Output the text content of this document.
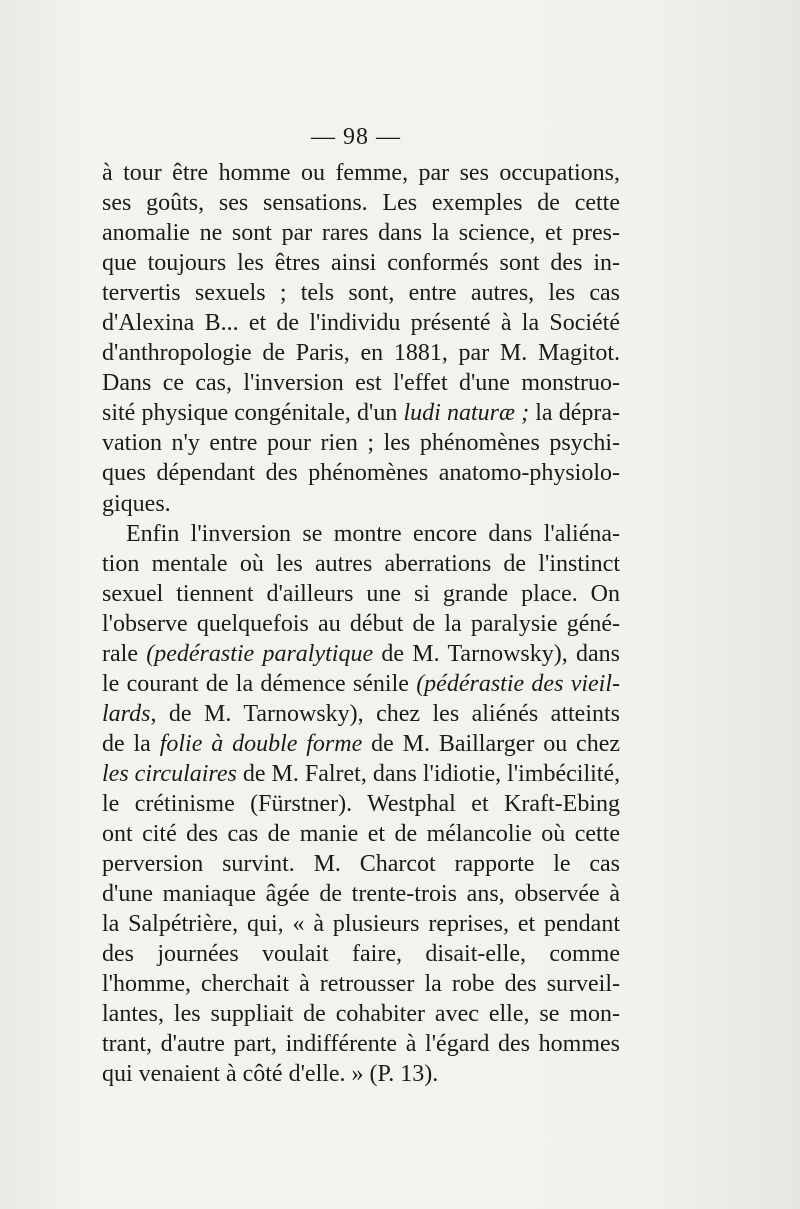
— 98 —
à tour être homme ou femme, par ses occupations,
ses goûts, ses sensations. Les exemples de cette
anomalie ne sont par rares dans la science, et pres-
que toujours les êtres ainsi conformés sont des in-
tervertis sexuels ; tels sont, entre autres, les cas
d'Alexina B... et de l'individu présenté à la Société
d'anthropologie de Paris, en 1881, par M. Magitot.
Dans ce cas, l'inversion est l'effet d'une monstruo-
sité physique congénitale, d'un ludi naturæ ; la dépra-
vation n'y entre pour rien ; les phénomènes psychi-
ques dépendant des phénomènes anatomo-physiolo-
giques.
Enfin l'inversion se montre encore dans l'aliéna-
tion mentale où les autres aberrations de l'instinct
sexuel tiennent d'ailleurs une si grande place. On
l'observe quelquefois au début de la paralysie géné-
rale (pedérastie paralytique de M. Tarnowsky), dans
le courant de la démence sénile (pédérastie des vieil-
lards, de M. Tarnowsky), chez les aliénés atteints
de la folie à double forme de M. Baillarger ou chez
les circulaires de M. Falret, dans l'idiotie, l'imbécilité,
le crétinisme (Fürstner). Westphal et Kraft-Ebing
ont cité des cas de manie et de mélancolie où cette
perversion survint. M. Charcot rapporte le cas
d'une maniaque âgée de trente-trois ans, observée à
la Salpétrière, qui, « à plusieurs reprises, et pendant
des journées voulait faire, disait-elle, comme
l'homme, cherchait à retrousser la robe des surveil-
lantes, les suppliait de cohabiter avec elle, se mon-
trant, d'autre part, indifférente à l'égard des hommes
qui venaient à côté d'elle. » (P. 13).
